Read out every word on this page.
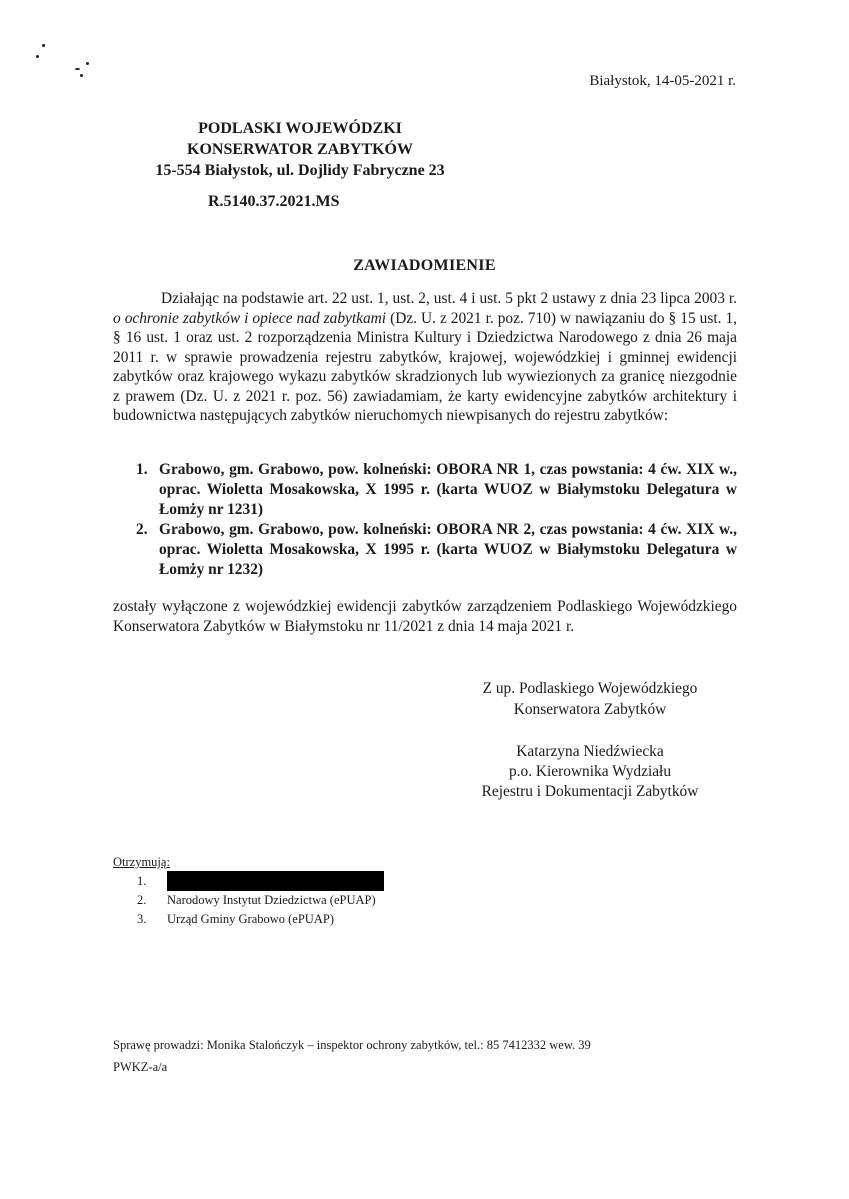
Białystok, 14-05-2021 r.
PODLASKI WOJEWÓDZKI
KONSERWATOR ZABYTKÓW
15-554 Białystok, ul. Dojlidy Fabryczne 23
R.5140.37.2021.MS
ZAWIADOMIENIE

Działając na podstawie art. 22 ust. 1, ust. 2, ust. 4 i ust. 5 pkt 2 ustawy z dnia 23 lipca 2003 r. o ochronie zabytków i opiece nad zabytkami (Dz. U. z 2021 r. poz. 710) w nawiązaniu do § 15 ust. 1, § 16 ust. 1 oraz ust. 2 rozporządzenia Ministra Kultury i Dziedzictwa Narodowego z dnia 26 maja 2011 r. w sprawie prowadzenia rejestru zabytków, krajowej, wojewódzkiej i gminnej ewidencji zabytków oraz krajowego wykazu zabytków skradzionych lub wywiezionych za granicę niezgodnie z prawem (Dz. U. z 2021 r. poz. 56) zawiadamiam, że karty ewidencyjne zabytków architektury i budownictwa następujących zabytków nieruchomych niewpisanych do rejestru zabytków:

1. Grabowo, gm. Grabowo, pow. kolneński: OBORA NR 1, czas powstania: 4 ćw. XIX w., oprac. Wioletta Mosakowska, X 1995 r. (karta WUOZ w Białymstoku Delegatura w Łomży nr 1231)
2. Grabowo, gm. Grabowo, pow. kolneński: OBORA NR 2, czas powstania: 4 ćw. XIX w., oprac. Wioletta Mosakowska, X 1995 r. (karta WUOZ w Białymstoku Delegatura w Łomży nr 1232)
zostały wyłączone z wojewódzkiej ewidencji zabytków zarządzeniem Podlaskiego Wojewódzkiego Konserwatora Zabytków w Białymstoku nr 11/2021 z dnia 14 maja 2021 r.
Z up. Podlaskiego Wojewódzkiego
Konserwatora Zabytków
Katarzyna Niedźwiecka
p.o. Kierownika Wydziału
Rejestru i Dokumentacji Zabytków
Otrzymują:
1.
2.	Narodowy Instytut Dziedzictwa (ePUAP)
3.	Urząd Gminy Grabowo (ePUAP)
Sprawę prowadzi: Monika Stalończyk – inspektor ochrony zabytków, tel.: 85 7412332 wew. 39
PWKZ-a/a
